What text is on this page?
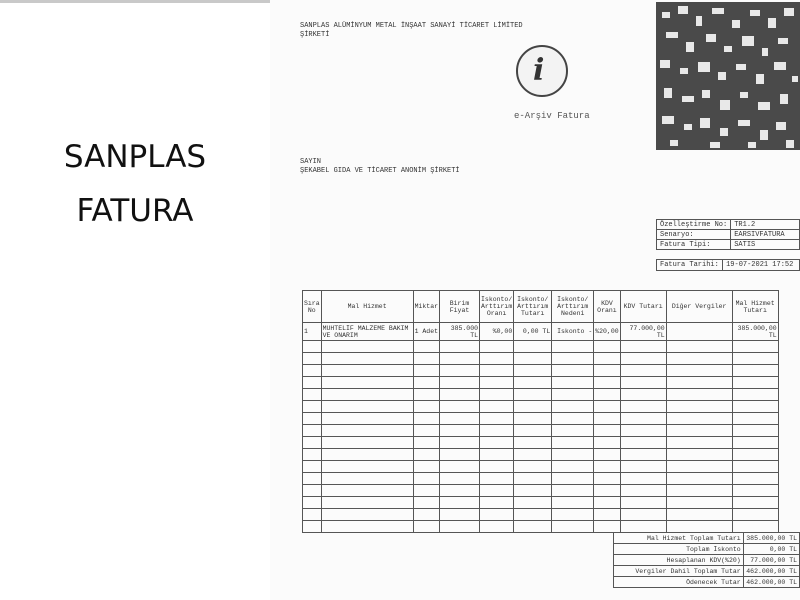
SANPLAS
FATURA
SANPLAS ALÜMİNYUM METAL İNŞAAT SANAYİ TİCARET LİMİTED ŞİRKETİ
i
e-Arşiv Fatura
SAYIN
ŞEKABEL GIDA VE TİCARET ANONİM ŞİRKETİ
Özelleştirme No:	TR1.2
Senaryo:	EARSIVFATURA
Fatura Tipi:	SATIS
Fatura Tarihi:	19-07-2021 17:52
Sıra No	Mal Hizmet	Miktar	Birim Fiyat	İskonto/ Arttırım Oranı	İskonto/ Arttırım Tutarı	İskonto/ Arttırım Nedeni	KDV Oranı	KDV Tutarı	Diğer Vergiler	Mal Hizmet Tutarı
1	MUHTELİF MALZEME BAKIM VE ONARIM	1 Adet	385.000 TL	%0,00	0,00 TL	İskonto -	%20,00	77.000,00 TL		385.000,00 TL

Mal Hizmet Toplam Tutarı	385.000,00 TL
Toplam İskonto	0,00 TL
Hesaplanan KDV(%20)	77.000,00 TL
Vergiler Dahil Toplam Tutar	462.000,00 TL
Ödenecek Tutar	462.000,00 TL
